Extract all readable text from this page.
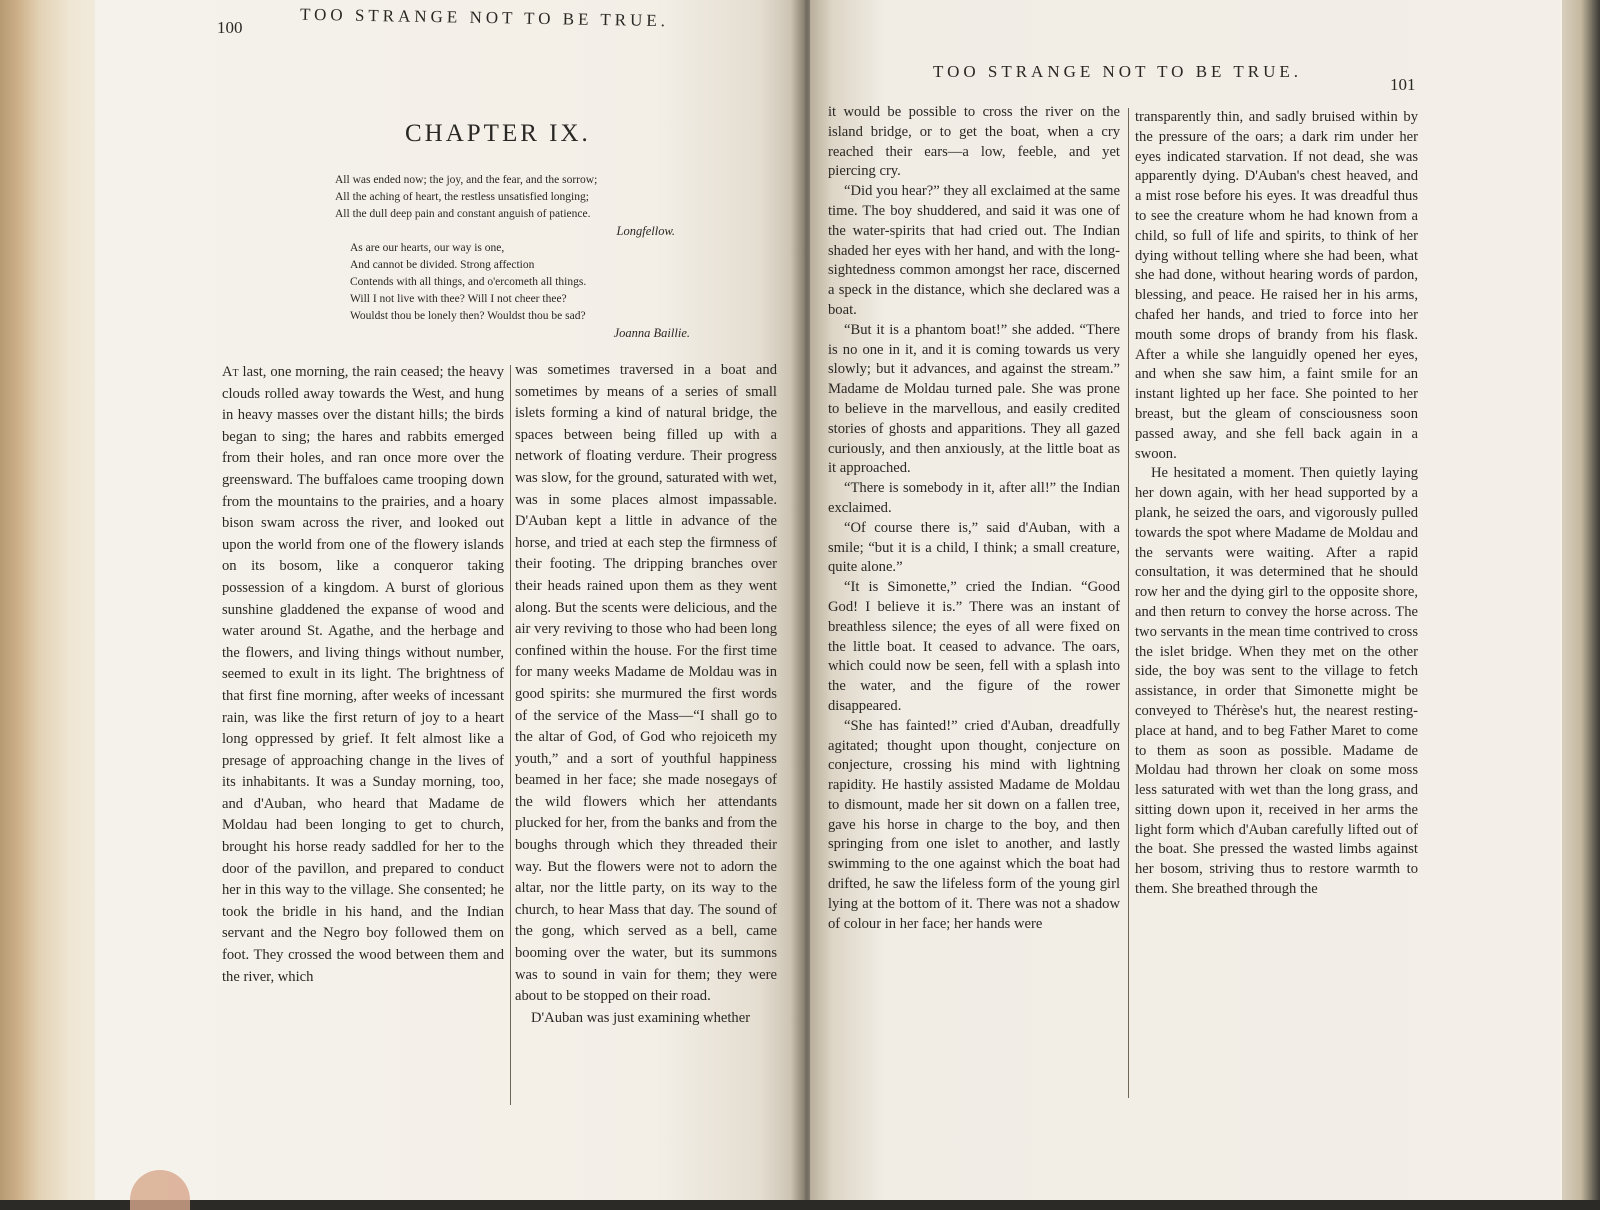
100	TOO STRANGE NOT TO BE TRUE.
CHAPTER IX.
All was ended now; the joy, and the fear, and the sorrow;
All the aching of heart, the restless unsatisfied longing;
All the dull deep pain and constant anguish of patience.
Longfellow.
As are our hearts, our way is one,
And cannot be divided. Strong affection
Contends with all things, and o'ercometh all things.
Will I not live with thee? Will I not cheer thee?
Wouldst thou be lonely then? Wouldst thou be sad?
Joanna Baillie.

At last, one morning, the rain ceased; the heavy clouds rolled away towards the West, and hung in heavy masses over the distant hills; the birds began to sing; the hares and rabbits emerged from their holes, and ran once more over the greensward. The buffaloes came trooping down from the mountains to the prairies, and a hoary bison swam across the river, and looked out upon the world from one of the flowery islands on its bosom, like a conqueror taking possession of a kingdom. A burst of glorious sunshine gladdened the expanse of wood and water around St. Agathe, and the herbage and the flowers, and living things without number, seemed to exult in its light. The brightness of that first fine morning, after weeks of incessant rain, was like the first return of joy to a heart long oppressed by grief. It felt almost like a presage of approaching change in the lives of its inhabitants. It was a Sunday morning, too, and d'Auban, who heard that Madame de Moldau had been longing to get to church, brought his horse ready saddled for her to the door of the pavillon, and prepared to conduct her in this way to the village. She consented; he took the bridle in his hand, and the Indian servant and the Negro boy followed them on foot. They crossed the wood between them and the river, which

was sometimes traversed in a boat and sometimes by means of a series of small islets forming a kind of natural bridge, the spaces between being filled up with a network of floating verdure. Their progress was slow, for the ground, saturated with wet, was in some places almost impassable. D'Auban kept a little in advance of the horse, and tried at each step the firmness of their footing. The dripping branches over their heads rained upon them as they went along. But the scents were delicious, and the air very reviving to those who had been long confined within the house. For the first time for many weeks Madame de Moldau was in good spirits: she murmured the first words of the service of the Mass—“I shall go to the altar of God, of God who rejoiceth my youth,” and a sort of youthful happiness beamed in her face; she made nosegays of the wild flowers which her attendants plucked for her, from the banks and from the boughs through which they threaded their way. But the flowers were not to adorn the altar, nor the little party, on its way to the church, to hear Mass that day. The sound of the gong, which served as a bell, came booming over the water, but its summons was to sound in vain for them; they were about to be stopped on their road.

D'Auban was just examining whether

TOO STRANGE NOT TO BE TRUE.
101

it would be possible to cross the river on the island bridge, or to get the boat, when a cry reached their ears—a low, feeble, and yet piercing cry.

“Did you hear?” they all exclaimed at the same time. The boy shuddered, and said it was one of the water-spirits that had cried out. The Indian shaded her eyes with her hand, and with the long-sightedness common amongst her race, discerned a speck in the distance, which she declared was a boat.

“But it is a phantom boat!” she added. “There is no one in it, and it is coming towards us very slowly; but it advances, and against the stream.” Madame de Moldau turned pale. She was prone to believe in the marvellous, and easily credited stories of ghosts and apparitions. They all gazed curiously, and then anxiously, at the little boat as it approached.

“There is somebody in it, after all!” the Indian exclaimed.

“Of course there is,” said d'Auban, with a smile; “but it is a child, I think; a small creature, quite alone.”

“It is Simonette,” cried the Indian. “Good God! I believe it is.” There was an instant of breathless silence; the eyes of all were fixed on the little boat. It ceased to advance. The oars, which could now be seen, fell with a splash into the water, and the figure of the rower disappeared.

“She has fainted!” cried d'Auban, dreadfully agitated; thought upon thought, conjecture on conjecture, crossing his mind with lightning rapidity. He hastily assisted Madame de Moldau to dismount, made her sit down on a fallen tree, gave his horse in charge to the boy, and then springing from one islet to another, and lastly swimming to the one against which the boat had drifted, he saw the lifeless form of the young girl lying at the bottom of it. There was not a shadow of colour in her face; her hands were

transparently thin, and sadly bruised within by the pressure of the oars; a dark rim under her eyes indicated starvation. If not dead, she was apparently dying. D'Auban's chest heaved, and a mist rose before his eyes. It was dreadful thus to see the creature whom he had known from a child, so full of life and spirits, to think of her dying without telling where she had been, what she had done, without hearing words of pardon, blessing, and peace. He raised her in his arms, chafed her hands, and tried to force into her mouth some drops of brandy from his flask. After a while she languidly opened her eyes, and when she saw him, a faint smile for an instant lighted up her face. She pointed to her breast, but the gleam of consciousness soon passed away, and she fell back again in a swoon.

He hesitated a moment. Then quietly laying her down again, with her head supported by a plank, he seized the oars, and vigorously pulled towards the spot where Madame de Moldau and the servants were waiting. After a rapid consultation, it was determined that he should row her and the dying girl to the opposite shore, and then return to convey the horse across. The two servants in the mean time contrived to cross the islet bridge. When they met on the other side, the boy was sent to the village to fetch assistance, in order that Simonette might be conveyed to Thérèse's hut, the nearest resting-place at hand, and to beg Father Maret to come to them as soon as possible. Madame de Moldau had thrown her cloak on some moss less saturated with wet than the long grass, and sitting down upon it, received in her arms the light form which d'Auban carefully lifted out of the boat. She pressed the wasted limbs against her bosom, striving thus to restore warmth to them. She breathed through the
